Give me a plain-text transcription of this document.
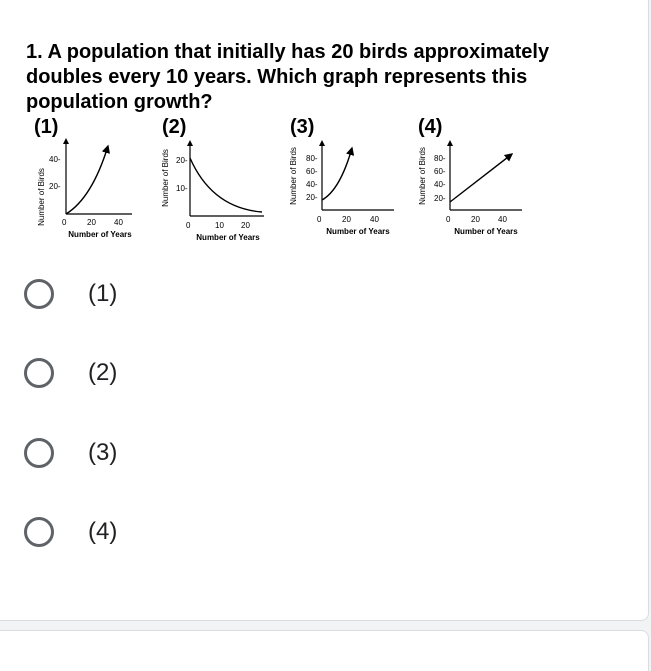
1. A population that initially has 20 birds approximately doubles every 10 years. Which graph represents this population growth?
(1)	(2)	(3)	(4)
Number of Birds
40-
20-
0	20 40
Number of Years
Number of Birds 20-
10-
0	10 20
Number of Years
Number of Birds 80-
60-
40-
20-
0	20 40
Number of Years
Number of Birds 80-
60-
40-
20-
0	20 40
Number of Years
(1)
(2)
(3)
(4)
